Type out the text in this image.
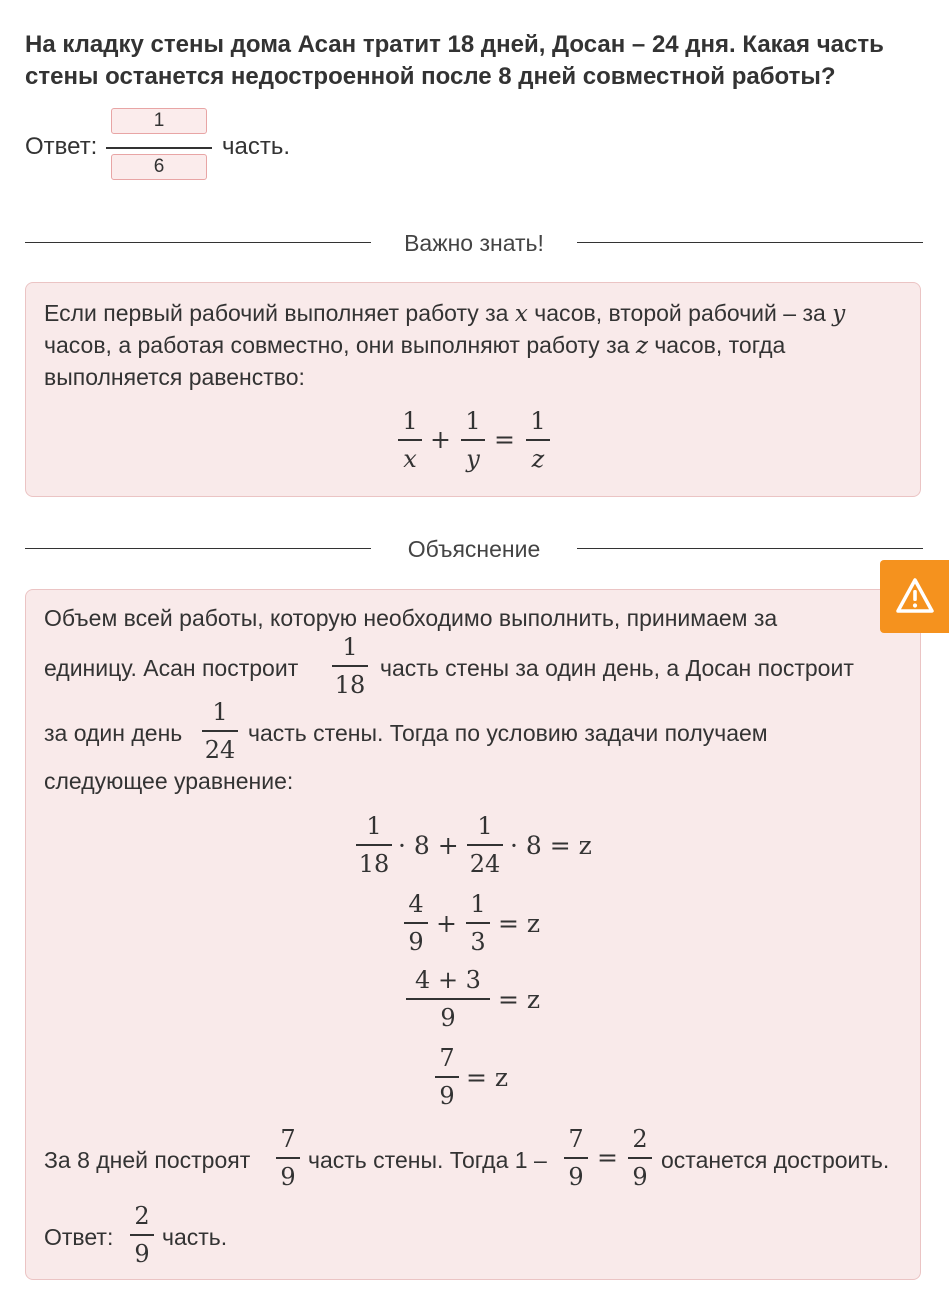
На кладку стены дома Асан тратит 18 дней, Досан – 24 дня. Какая часть
стены останется недостроенной после 8 дней совместной работы?
Ответ: $\frac{1}{6}$ часть.
Важно знать!
Если первый рабочий выполняет работу за x часов, второй рабочий – за y
часов, а работая совместно, они выполняют работу за z часов, тогда
выполняется равенство:
1
x
+
1
y
=
1
z
Объяснение
Объем всей работы, которую необходимо выполнить, принимаем за
единицу. Асан построит
1
18
часть стены за один день, а Досан построит
за один день
1
24
часть стены. Тогда по условию задачи получаем
следующее уравнение:
1
18
· 8 +
1
24
· 8 = z
4
9
+
1
3
= z
4 + 3
9
= z
7
9
= z
За 8 дней построят
7
9
часть стены. Тогда 1 –
7
9
=
2
9
останется достроить.
Ответ:
2
9
часть.
